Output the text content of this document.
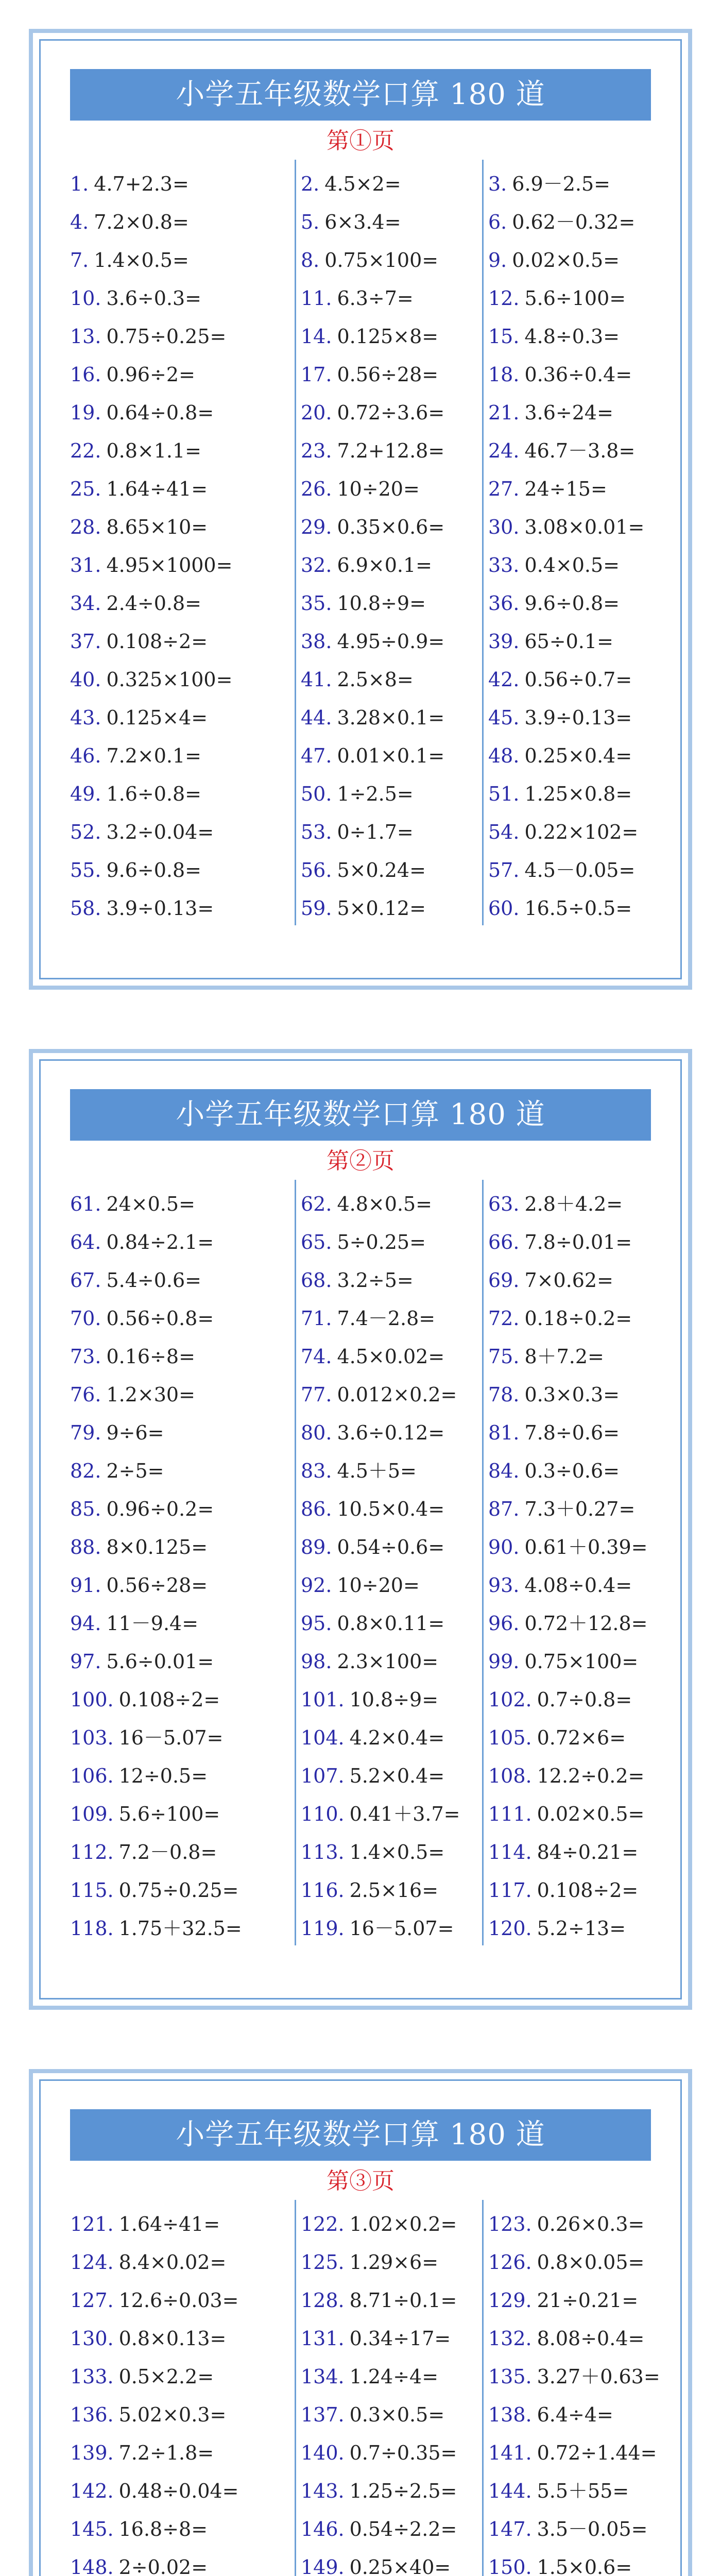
小学五年级数学口算 180 道
第①页
1. 4.7+2.3=	2. 4.5×2=	3. 6.9－2.5=
4. 7.2×0.8=	5. 6×3.4=	6. 0.62－0.32=
7. 1.4×0.5=	8. 0.75×100=	9. 0.02×0.5=
10. 3.6÷0.3=	11. 6.3÷7=	12. 5.6÷100=
13. 0.75÷0.25=	14. 0.125×8=	15. 4.8÷0.3=
16. 0.96÷2=	17. 0.56÷28=	18. 0.36÷0.4=
19. 0.64÷0.8=	20. 0.72÷3.6= 21. 3.6÷24=
22. 0.8×1.1=	23. 7.2+12.8= 24. 46.7－3.8=
25. 1.64÷41=	26. 10÷20=	27. 24÷15=
28. 8.65×10=	29. 0.35×0.6= 30. 3.08×0.01=
31. 4.95×1000=	32. 6.9×0.1=	33. 0.4×0.5=
34. 2.4÷0.8=	35. 10.8÷9=	36. 9.6÷0.8=
37. 0.108÷2=	38. 4.95÷0.9= 39. 65÷0.1=
40. 0.325×100=	41. 2.5×8=	42. 0.56÷0.7=
43. 0.125×4=	44. 3.28×0.1= 45. 3.9÷0.13=
46. 7.2×0.1=	47. 0.01×0.1= 48. 0.25×0.4=
49. 1.6÷0.8=	50. 1÷2.5=	51. 1.25×0.8=
52. 3.2÷0.04=	53. 0÷1.7=	54. 0.22×102=
55. 9.6÷0.8=	56. 5×0.24=	57. 4.5－0.05=
58. 3.9÷0.13=	59. 5×0.12=	60. 16.5÷0.5=
小学五年级数学口算 180 道
第②页
61. 24×0.5=	62. 4.8×0.5=	63. 2.8＋4.2=
64. 0.84÷2.1=	65. 5÷0.25=	66. 7.8÷0.01=
67. 5.4÷0.6=	68. 3.2÷5=	69. 7×0.62=
70. 0.56÷0.8=	71. 7.4－2.8=	72. 0.18÷0.2=
73. 0.16÷8=	74. 4.5×0.02= 75. 8＋7.2=
76. 1.2×30=	77. 0.012×0.2= 78. 0.3×0.3=
79. 9÷6=	80. 3.6÷0.12= 81. 7.8÷0.6=
82. 2÷5=	83. 4.5＋5=	84. 0.3÷0.6=
85. 0.96÷0.2=	86. 10.5×0.4= 87. 7.3＋0.27=
88. 8×0.125=	89. 0.54÷0.6= 90. 0.61＋0.39=
91. 0.56÷28=	92. 10÷20=	93. 4.08÷0.4=
94. 11－9.4=	95. 0.8×0.11= 96. 0.72＋12.8=
97. 5.6÷0.01=	98. 2.3×100=	99. 0.75×100=
100. 0.108÷2=	101. 10.8÷9=	102. 0.7÷0.8=
103. 16－5.07=	104. 4.2×0.4= 105. 0.72×6=
106. 12÷0.5=	107. 5.2×0.4= 108. 12.2÷0.2=
109. 5.6÷100=	110. 0.41＋3.7= 111. 0.02×0.5=
112. 7.2－0.8=	113. 1.4×0.5= 114. 84÷0.21=
115. 0.75÷0.25=	116. 2.5×16=	117. 0.108÷2=
118. 1.75＋32.5=	119. 16－5.07= 120. 5.2÷13=
小学五年级数学口算 180 道
第③页
121. 1.64÷41=	122. 1.02×0.2= 123. 0.26×0.3=
124. 8.4×0.02=	125. 1.29×6=	126. 0.8×0.05=
127. 12.6÷0.03=	128. 8.71÷0.1= 129. 21÷0.21=
130. 0.8×0.13=	131. 0.34÷17= 132. 8.08÷0.4=
133. 0.5×2.2=	134. 1.24÷4=	135. 3.27＋0.63=
136. 5.02×0.3=	137. 0.3×0.5= 138. 6.4÷4=
139. 7.2÷1.8=	140. 0.7÷0.35= 141. 0.72÷1.44=
142. 0.48÷0.04=	143. 1.25÷2.5= 144. 5.5＋55=
145. 16.8÷8=	146. 0.54÷2.2= 147. 3.5－0.05=
148. 2÷0.02=	149. 0.25×40= 150. 1.5×0.6=
